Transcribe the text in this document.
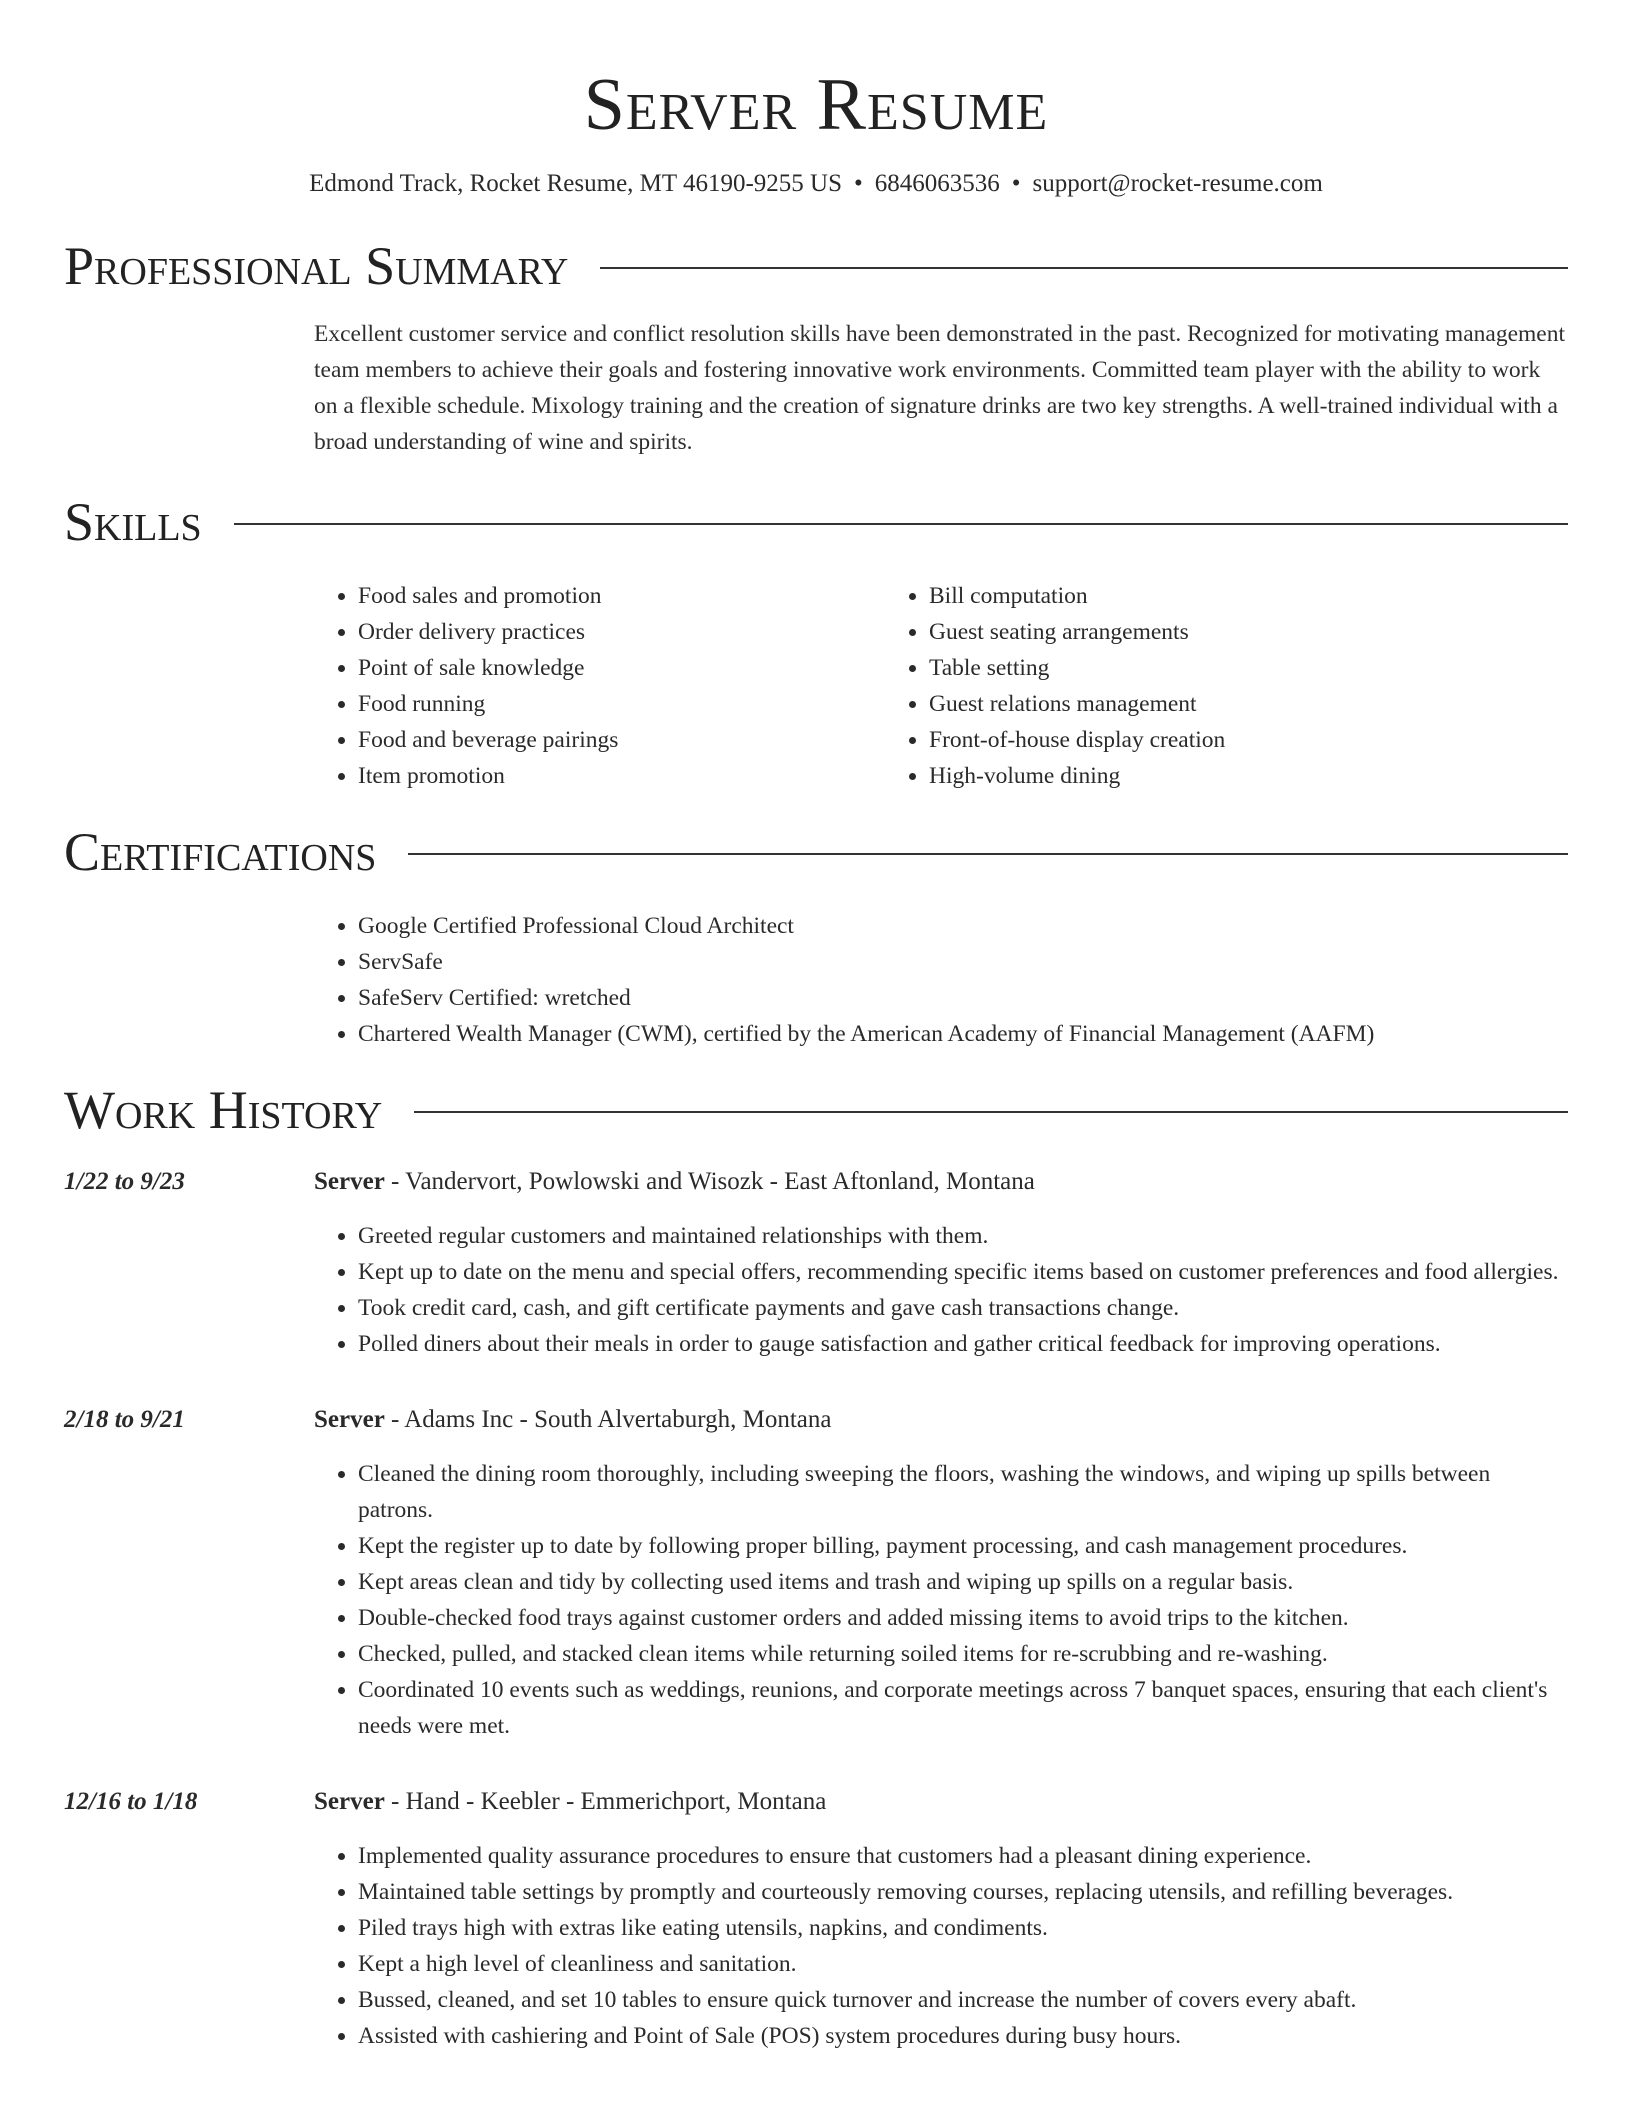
Server Resume
Edmond Track, Rocket Resume, MT 46190-9255 US • 6846063536 • support@rocket-resume.com
Professional Summary

Excellent customer service and conflict resolution skills have been demonstrated in the past. Recognized for motivating management team members to achieve their goals and fostering innovative work environments. Committed team player with the ability to work on a flexible schedule. Mixology training and the creation of signature drinks are two key strengths. A well-trained individual with a broad understanding of wine and spirits.

Skills
• Food sales and promotion
• Order delivery practices
• Point of sale knowledge
• Food running
• Food and beverage pairings
• Item promotion
• Bill computation
• Guest seating arrangements
• Table setting
• Guest relations management
• Front-of-house display creation
• High-volume dining
Certifications
• Google Certified Professional Cloud Architect
• ServSafe
• SafeServ Certified: wretched
• Chartered Wealth Manager (CWM), certified by the American Academy of Financial Management (AAFM)
Work History
1/22 to 9/23	Server - Vandervort, Powlowski and Wisozk - East Aftonland, Montana
• Greeted regular customers and maintained relationships with them.
• Kept up to date on the menu and special offers, recommending specific items based on customer preferences and food allergies.
• Took credit card, cash, and gift certificate payments and gave cash transactions change.
• Polled diners about their meals in order to gauge satisfaction and gather critical feedback for improving operations.
2/18 to 9/21	Server - Adams Inc - South Alvertaburgh, Montana
• Cleaned the dining room thoroughly, including sweeping the floors, washing the windows, and wiping up spills between patrons.
• Kept the register up to date by following proper billing, payment processing, and cash management procedures.
• Kept areas clean and tidy by collecting used items and trash and wiping up spills on a regular basis.
• Double-checked food trays against customer orders and added missing items to avoid trips to the kitchen.
• Checked, pulled, and stacked clean items while returning soiled items for re-scrubbing and re-washing.
• Coordinated 10 events such as weddings, reunions, and corporate meetings across 7 banquet spaces, ensuring that each client's needs were met.
12/16 to 1/18	Server - Hand - Keebler - Emmerichport, Montana
• Implemented quality assurance procedures to ensure that customers had a pleasant dining experience.
• Maintained table settings by promptly and courteously removing courses, replacing utensils, and refilling beverages.
• Piled trays high with extras like eating utensils, napkins, and condiments.
• Kept a high level of cleanliness and sanitation.
• Bussed, cleaned, and set 10 tables to ensure quick turnover and increase the number of covers every abaft.
• Assisted with cashiering and Point of Sale (POS) system procedures during busy hours.
